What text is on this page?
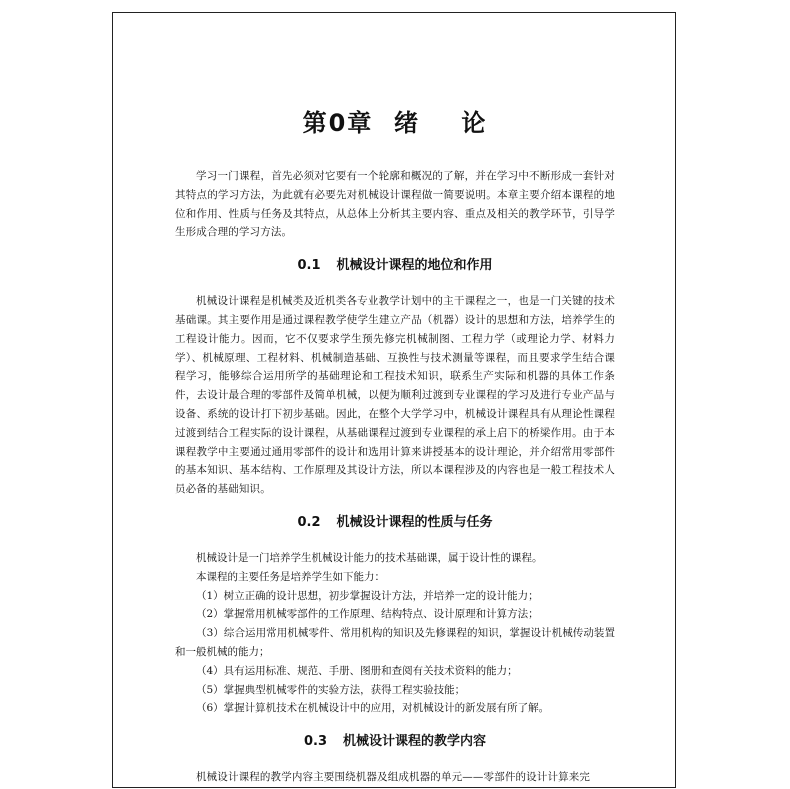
第0章  绪    论

学习一门课程，首先必须对它要有一个轮廓和概况的了解，并在学习中不断形成一套针对其特点的学习方法，为此就有必要先对机械设计课程做一简要说明。本章主要介绍本课程的地位和作用、性质与任务及其特点，从总体上分析其主要内容、重点及相关的教学环节，引导学生形成合理的学习方法。

0.1 机械设计课程的地位和作用

机械设计课程是机械类及近机类各专业教学计划中的主干课程之一，也是一门关键的技术基础课。其主要作用是通过课程教学使学生建立产品（机器）设计的思想和方法，培养学生的工程设计能力。因而，它不仅要求学生预先修完机械制图、工程力学（或理论力学、材料力学）、机械原理、工程材料、机械制造基础、互换性与技术测量等课程，而且要求学生结合课程学习，能够综合运用所学的基础理论和工程技术知识，联系生产实际和机器的具体工作条件，去设计最合理的零部件及简单机械，以便为顺利过渡到专业课程的学习及进行专业产品与设备、系统的设计打下初步基础。因此，在整个大学学习中，机械设计课程具有从理论性课程过渡到结合工程实际的设计课程，从基础课程过渡到专业课程的承上启下的桥梁作用。由于本课程教学中主要通过通用零部件的设计和选用计算来讲授基本的设计理论，并介绍常用零部件的基本知识、基本结构、工作原理及其设计方法，所以本课程涉及的内容也是一般工程技术人员必备的基础知识。

0.2 机械设计课程的性质与任务

机械设计是一门培养学生机械设计能力的技术基础课，属于设计性的课程。

本课程的主要任务是培养学生如下能力：

（1）树立正确的设计思想，初步掌握设计方法，并培养一定的设计能力；

（2）掌握常用机械零部件的工作原理、结构特点、设计原理和计算方法；

（3）综合运用常用机械零件、常用机构的知识及先修课程的知识，掌握设计机械传动装置和一般机械的能力；

（4）具有运用标准、规范、手册、图册和查阅有关技术资料的能力；

（5）掌握典型机械零件的实验方法，获得工程实验技能；

（6）掌握计算机技术在机械设计中的应用，对机械设计的新发展有所了解。

0.3 机械设计课程的教学内容

机械设计课程的教学内容主要围绕机器及组成机器的单元——零部件的设计计算来完
